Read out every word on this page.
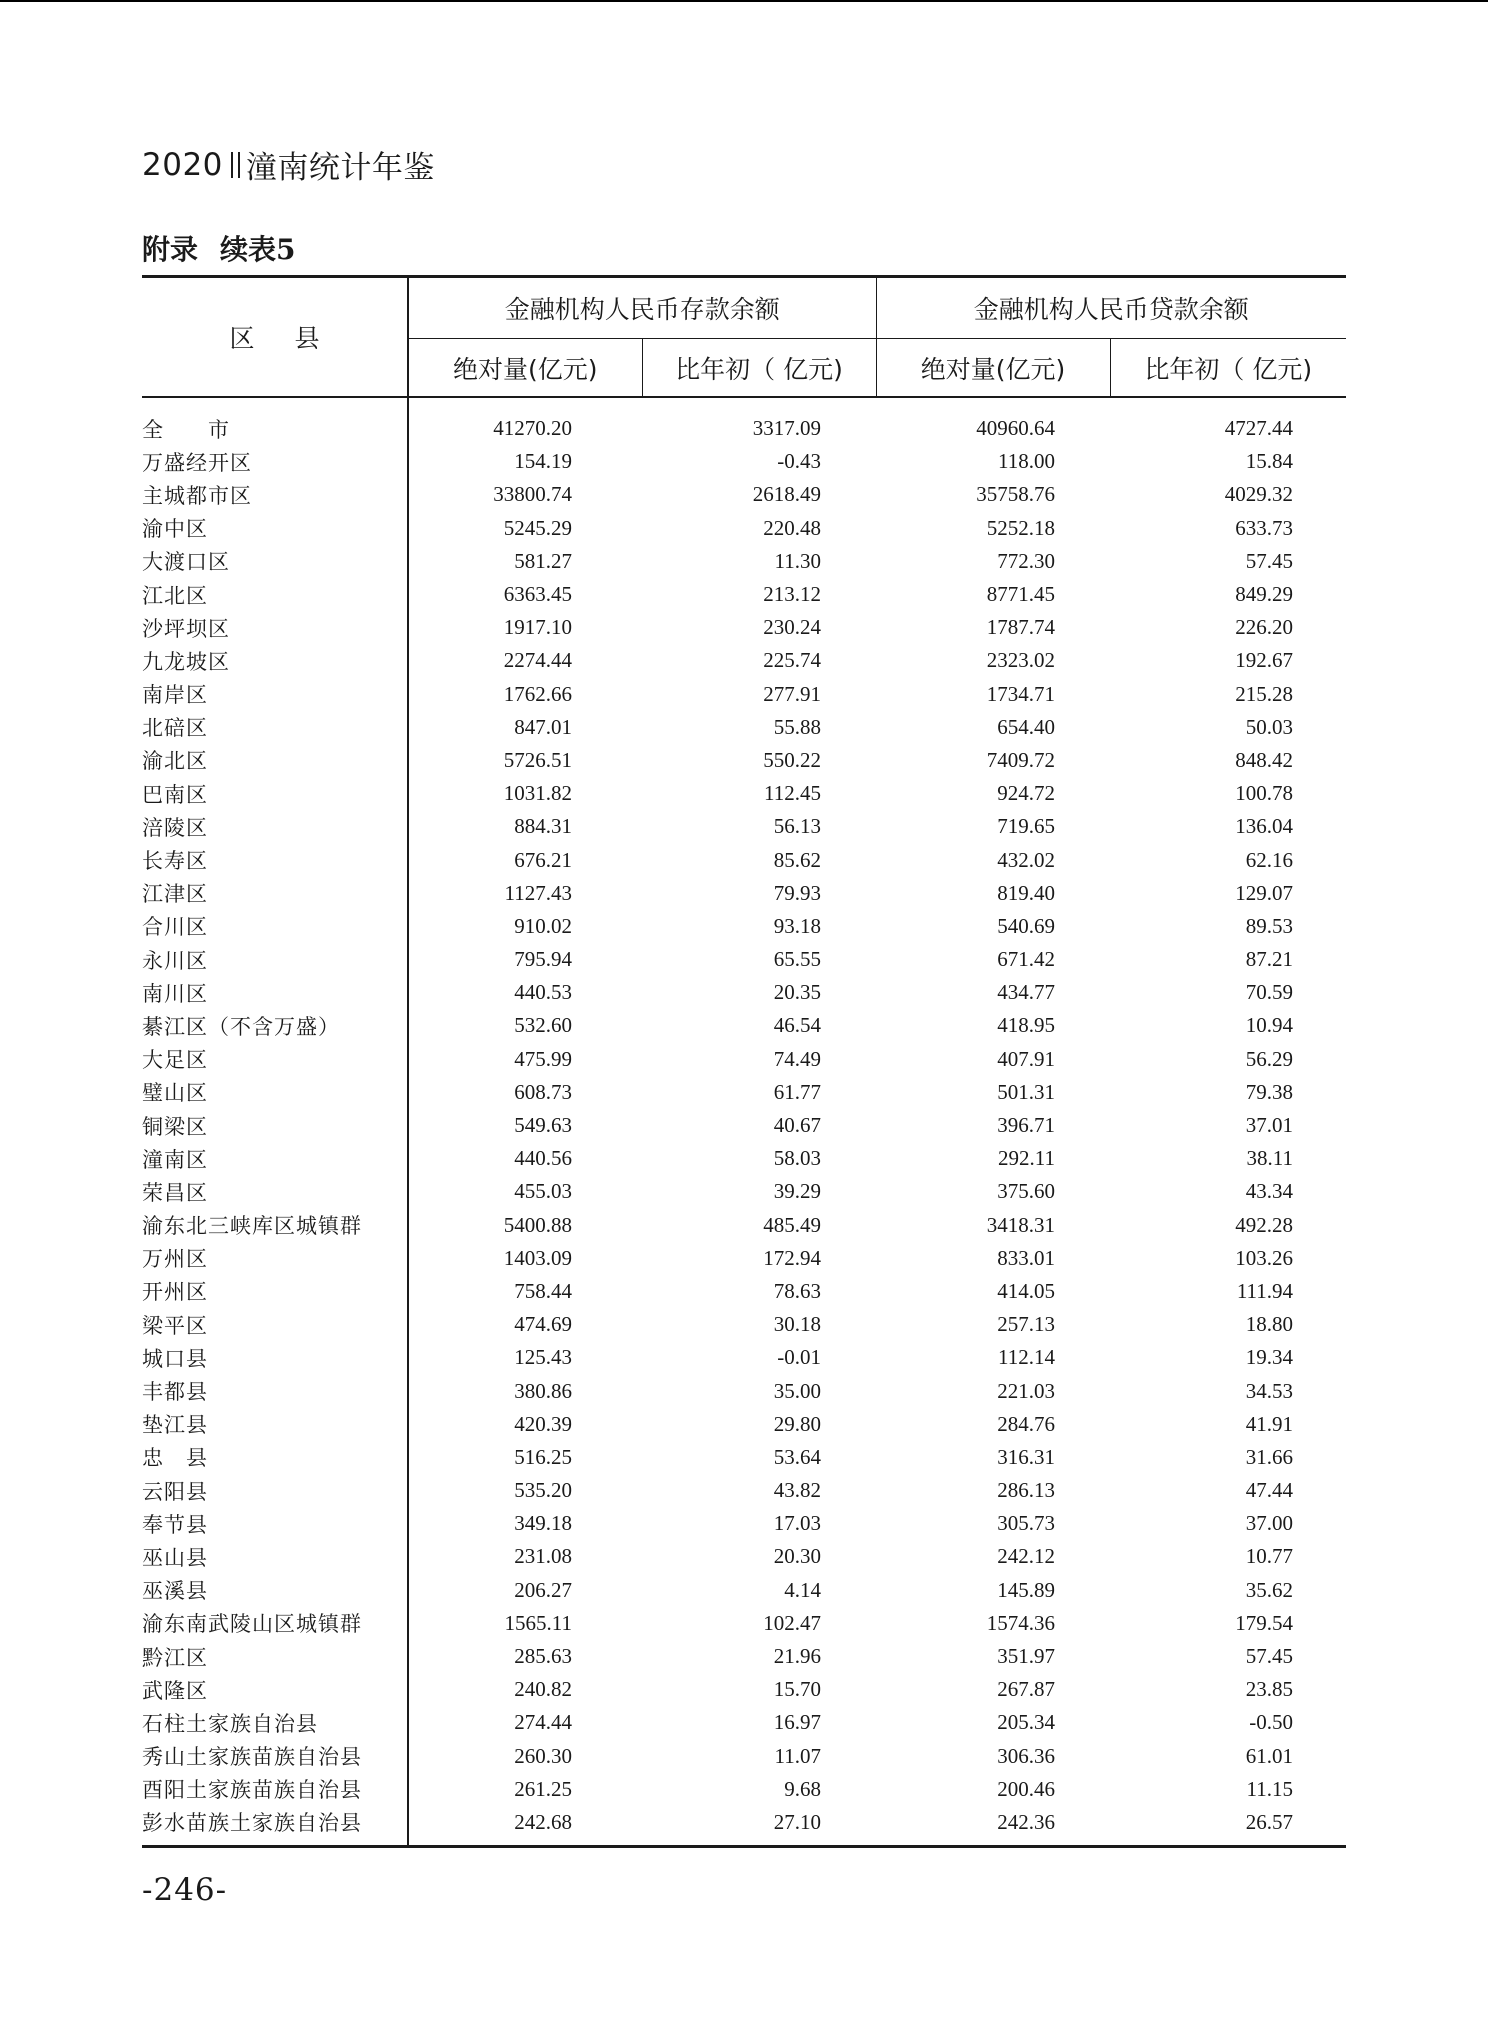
2020 潼南统计年鉴
附录 续表5
区县	金融机构人民币存款余额		金融机构人民币贷款余额	
	绝对量(亿元)	比年初（ 亿元)	绝对量(亿元)	比年初（ 亿元)
全　　市	41270.20	3317.09	40960.64	4727.44
万盛经开区	154.19	-0.43	118.00	15.84
主城都市区	33800.74	2618.49	35758.76	4029.32
渝中区	5245.29	220.48	5252.18	633.73
大渡口区	581.27	11.30	772.30	57.45
江北区	6363.45	213.12	8771.45	849.29
沙坪坝区	1917.10	230.24	1787.74	226.20
九龙坡区	2274.44	225.74	2323.02	192.67
南岸区	1762.66	277.91	1734.71	215.28
北碚区	847.01	55.88	654.40	50.03
渝北区	5726.51	550.22	7409.72	848.42
巴南区	1031.82	112.45	924.72	100.78
涪陵区	884.31	56.13	719.65	136.04
长寿区	676.21	85.62	432.02	62.16
江津区	1127.43	79.93	819.40	129.07
合川区	910.02	93.18	540.69	89.53
永川区	795.94	65.55	671.42	87.21
南川区	440.53	20.35	434.77	70.59
綦江区（不含万盛）	532.60	46.54	418.95	10.94
大足区	475.99	74.49	407.91	56.29
璧山区	608.73	61.77	501.31	79.38
铜梁区	549.63	40.67	396.71	37.01
潼南区	440.56	58.03	292.11	38.11
荣昌区	455.03	39.29	375.60	43.34
渝东北三峡库区城镇群	5400.88	485.49	3418.31	492.28
万州区	1403.09	172.94	833.01	103.26
开州区	758.44	78.63	414.05	111.94
梁平区	474.69	30.18	257.13	18.80
城口县	125.43	-0.01	112.14	19.34
丰都县	380.86	35.00	221.03	34.53
垫江县	420.39	29.80	284.76	41.91
忠　县	516.25	53.64	316.31	31.66
云阳县	535.20	43.82	286.13	47.44
奉节县	349.18	17.03	305.73	37.00
巫山县	231.08	20.30	242.12	10.77
巫溪县	206.27	4.14	145.89	35.62
渝东南武陵山区城镇群	1565.11	102.47	1574.36	179.54
黔江区	285.63	21.96	351.97	57.45
武隆区	240.82	15.70	267.87	23.85
石柱土家族自治县	274.44	16.97	205.34	-0.50
秀山土家族苗族自治县	260.30	11.07	306.36	61.01
酉阳土家族苗族自治县	261.25	9.68	200.46	11.15
彭水苗族土家族自治县	242.68	27.10	242.36	26.57
-246-
